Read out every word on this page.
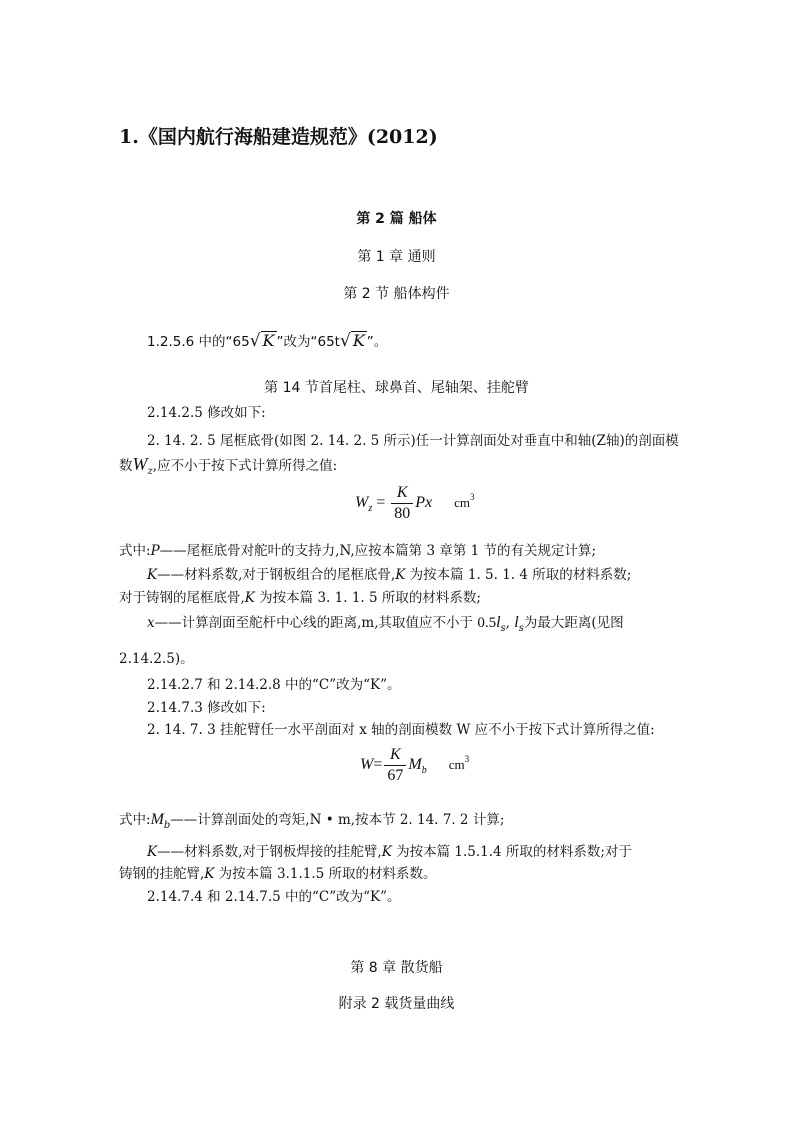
1.《国内航行海船建造规范》(2012)
第 2 篇 船体
第 1 章 通则
第 2 节 船体构件
1.2.5.6 中的“65√ K ”改为“65t√ K ”。
第 14 节首尾柱、球鼻首、尾轴架、挂舵臂
2.14.2.5 修改如下:
2. 14. 2. 5 尾框底骨(如图 2. 14. 2. 5 所示)任一计算剖面处对垂直中和轴(Z轴)的剖面模
数$W_z$,应不小于按下式计算所得之值:
$W_z = \frac{K}{80}$ Px $cm^3$
式中:P——尾框底骨对舵叶的支持力,N,应按本篇第 3 章第 1 节的有关规定计算;
K——材料系数,对于钢板组合的尾框底骨,K 为按本篇 1. 5. 1. 4 所取的材料系数;
对于铸钢的尾框底骨,K 为按本篇 3. 1. 1. 5 所取的材料系数;
x——计算剖面至舵杆中心线的距离,m,其取值应不小于 $0.5l_s$, $l_s$为最大距离(见图
2.14.2.5)。
2.14.2.7 和 2.14.2.8 中的“C”改为“K”。
2.14.7.3 修改如下:
2. 14. 7. 3 挂舵臂任一水平剖面对 x 轴的剖面模数 W 应不小于按下式计算所得之值:
$W= \frac{K}{67} M_b$ $cm^3$
式中$:M_b——$计算剖面处的弯矩,N • m,按本节 2. 14. 7. 2 计算;
K——材料系数,对于钢板焊接的挂舵臂,K 为按本篇 1.5.1.4 所取的材料系数;对于
铸钢的挂舵臂,K 为按本篇 3.1.1.5 所取的材料系数。
2.14.7.4 和 2.14.7.5 中的“C”改为“K”。
第 8 章 散货船
附录 2 载货量曲线
